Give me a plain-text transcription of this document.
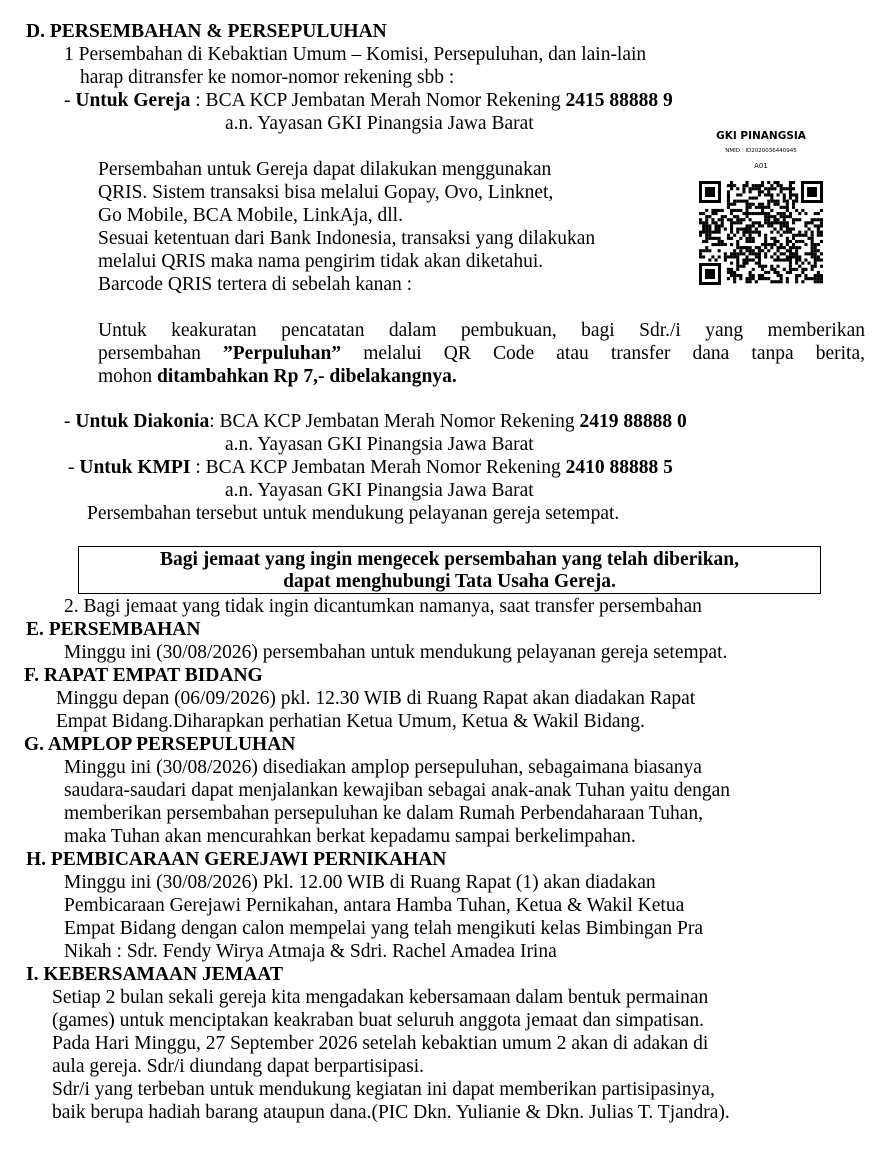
D. PERSEMBAHAN & PERSEPULUHAN
1 Persembahan di Kebaktian Umum – Komisi, Persepuluhan, dan lain-lain
harap ditransfer ke nomor-nomor rekening sbb :
- Untuk Gereja : BCA KCP Jembatan Merah Nomor Rekening 2415 88888 9
a.n. Yayasan GKI Pinangsia Jawa Barat
Persembahan untuk Gereja dapat dilakukan menggunakan
QRIS. Sistem transaksi bisa melalui Gopay, Ovo, Linknet,
Go Mobile, BCA Mobile, LinkAja, dll.
Sesuai ketentuan dari Bank Indonesia, transaksi yang dilakukan
melalui QRIS maka nama pengirim tidak akan diketahui.
Barcode QRIS tertera di sebelah kanan :
GKI PINANGSIA
NMID : ID2020036440945
A01
Untuk keakuratan pencatatan dalam pembukuan, bagi Sdr./i yang memberikan
persembahan ”Perpuluhan” melalui QR Code atau transfer dana tanpa berita,
mohon ditambahkan Rp 7,- dibelakangnya.
- Untuk Diakonia: BCA KCP Jembatan Merah Nomor Rekening 2419 88888 0
a.n. Yayasan GKI Pinangsia Jawa Barat
- Untuk KMPI : BCA KCP Jembatan Merah Nomor Rekening 2410 88888 5
a.n. Yayasan GKI Pinangsia Jawa Barat
Persembahan tersebut untuk mendukung pelayanan gereja setempat.
Bagi jemaat yang ingin mengecek persembahan yang telah diberikan,
dapat menghubungi Tata Usaha Gereja.
2. Bagi jemaat yang tidak ingin dicantumkan namanya, saat transfer persembahan
E. PERSEMBAHAN
Minggu ini (30/08/2026) persembahan untuk mendukung pelayanan gereja setempat.
F. RAPAT EMPAT BIDANG
Minggu depan (06/09/2026) pkl. 12.30 WIB di Ruang Rapat akan diadakan Rapat
Empat Bidang.Diharapkan perhatian Ketua Umum, Ketua & Wakil Bidang.
G. AMPLOP PERSEPULUHAN
Minggu ini (30/08/2026) disediakan amplop persepuluhan, sebagaimana biasanya
saudara-saudari dapat menjalankan kewajiban sebagai anak-anak Tuhan yaitu dengan
memberikan persembahan persepuluhan ke dalam Rumah Perbendaharaan Tuhan,
maka Tuhan akan mencurahkan berkat kepadamu sampai berkelimpahan.
H. PEMBICARAAN GEREJAWI PERNIKAHAN
Minggu ini (30/08/2026) Pkl. 12.00 WIB di Ruang Rapat (1) akan diadakan
Pembicaraan Gerejawi Pernikahan, antara Hamba Tuhan, Ketua & Wakil Ketua
Empat Bidang dengan calon mempelai yang telah mengikuti kelas Bimbingan Pra
Nikah : Sdr. Fendy Wirya Atmaja & Sdri. Rachel Amadea Irina
I. KEBERSAMAAN JEMAAT
Setiap 2 bulan sekali gereja kita mengadakan kebersamaan dalam bentuk permainan
(games) untuk menciptakan keakraban buat seluruh anggota jemaat dan simpatisan.
Pada Hari Minggu, 27 September 2026 setelah kebaktian umum 2 akan di adakan di
aula gereja. Sdr/i diundang dapat berpartisipasi.
Sdr/i yang terbeban untuk mendukung kegiatan ini dapat memberikan partisipasinya,
baik berupa hadiah barang ataupun dana.(PIC Dkn. Yulianie & Dkn. Julias T. Tjandra).
